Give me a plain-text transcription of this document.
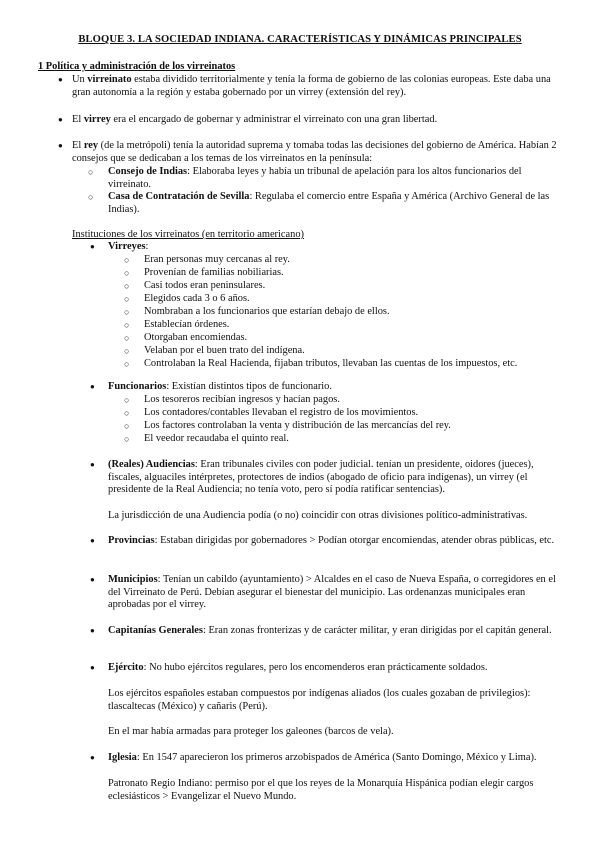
BLOQUE 3. LA SOCIEDAD INDIANA. CARACTERÍSTICAS Y DINÁMICAS PRINCIPALES
1 Política y administración de los virreinatos
Un virreinato estaba dividido territorialmente y tenía la forma de gobierno de las colonias europeas. Este daba una gran autonomía a la región y estaba gobernado por un virrey (extensión del rey).
El virrey era el encargado de gobernar y administrar el virreinato con una gran libertad.
El rey (de la metrópoli) tenía la autoridad suprema y tomaba todas las decisiones del gobierno de América. Habían 2 consejos que se dedicaban a los temas de los virreinatos en la península:
Consejo de Indias: Elaboraba leyes y había un tribunal de apelación para los altos funcionarios del virreinato.
Casa de Contratación de Sevilla: Regulaba el comercio entre España y América (Archivo General de las Indias).
Instituciones de los virreinatos (en territorio americano)
Virreyes:
Eran personas muy cercanas al rey.
Provenían de familias nobiliarias.
Casi todos eran peninsulares.
Elegidos cada 3 o 6 años.
Nombraban a los funcionarios que estarían debajo de ellos.
Establecían órdenes.
Otorgaban encomiendas.
Velaban por el buen trato del indígena.
Controlaban la Real Hacienda, fijaban tributos, llevaban las cuentas de los impuestos, etc.
Funcionarios: Existían distintos tipos de funcionario.
Los tesoreros recibían ingresos y hacían pagos.
Los contadores/contables llevaban el registro de los movimientos.
Los factores controlaban la venta y distribución de las mercancías del rey.
El veedor recaudaba el quinto real.
(Reales) Audiencias: Eran tribunales civiles con poder judicial. tenían un presidente, oidores (jueces), fiscales, alguaciles intérpretes, protectores de indios (abogado de oficio para indígenas), un virrey (el presidente de la Real Audiencia; no tenía voto, pero sí podía ratificar sentencias).
La jurisdicción de una Audiencia podía (o no) coincidir con otras divisiones político-administrativas.
Provincias: Estaban dirigidas por gobernadores > Podían otorgar encomiendas, atender obras públicas, etc.
Municipios: Tenían un cabildo (ayuntamiento) > Alcaldes en el caso de Nueva España, o corregidores en el del Virreinato de Perú. Debían asegurar el bienestar del municipio. Las ordenanzas municipales eran aprobadas por el virrey.
Capitanías Generales: Eran zonas fronterizas y de carácter militar, y eran dirigidas por el capitán general.
Ejército: No hubo ejércitos regulares, pero los encomenderos eran prácticamente soldados.
Los ejércitos españoles estaban compuestos por indígenas aliados (los cuales gozaban de privilegios): tlascaltecas (México) y cañaris (Perú).
En el mar había armadas para proteger los galeones (barcos de vela).
Iglesia: En 1547 aparecieron los primeros arzobispados de América (Santo Domingo, México y Lima).
Patronato Regio Indiano: permiso por el que los reyes de la Monarquía Hispánica podían elegir cargos eclesiásticos > Evangelizar el Nuevo Mundo.
